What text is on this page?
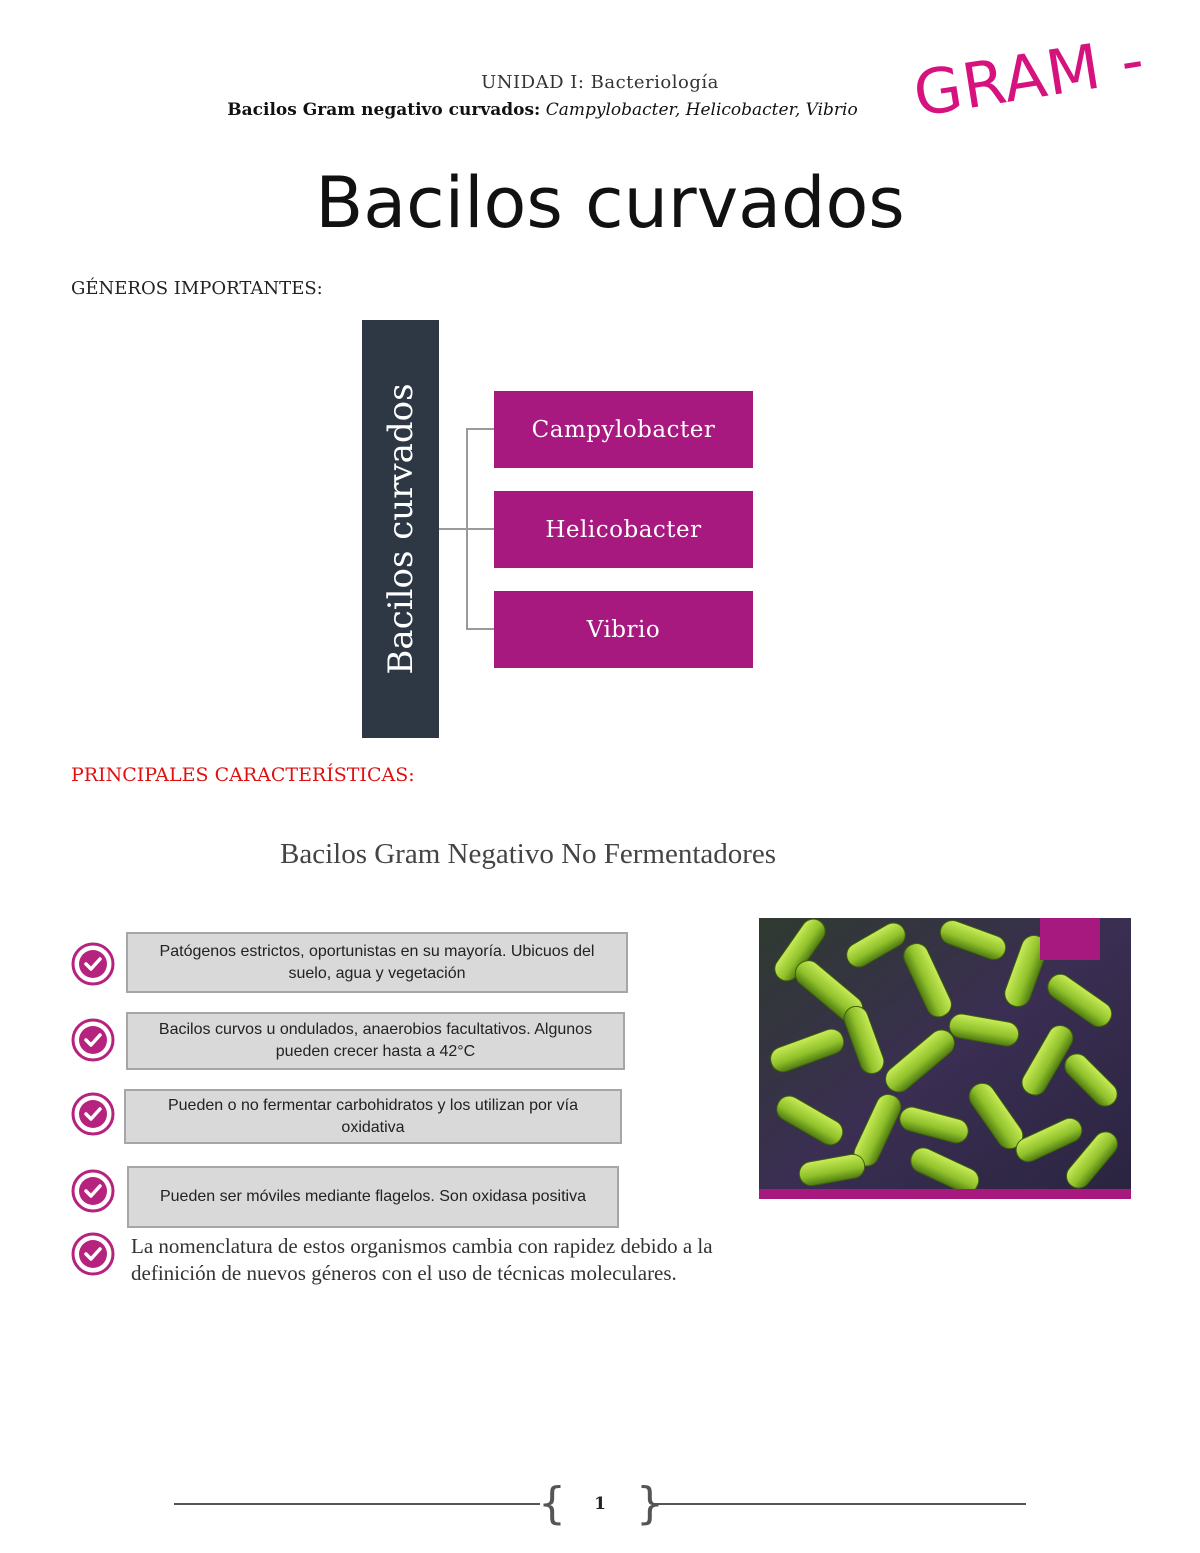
UNIDAD I: Bacteriología
Bacilos Gram negativo curvados: Campylobacter, Helicobacter, Vibrio GRAM -
Bacilos curvados
GÉNEROS IMPORTANTES:
Bacilos curvados	Campylobacter
Helicobacter
Vibrio
PRINCIPALES CARACTERÍSTICAS:
Bacilos Gram Negativo No Fermentadores
Patógenos estrictos, oportunistas en su mayoría. Ubicuos del suelo, agua y vegetación
Bacilos curvos u ondulados, anaerobios facultativos. Algunos pueden crecer hasta a 42°C
Pueden o no fermentar carbohidratos y los utilizan por vía oxidativa
Pueden ser móviles mediante flagelos. Son oxidasa positiva
La nomenclatura de estos organismos cambia con rapidez debido a la definición de nuevos géneros con el uso de técnicas moleculares.
{ }
1
